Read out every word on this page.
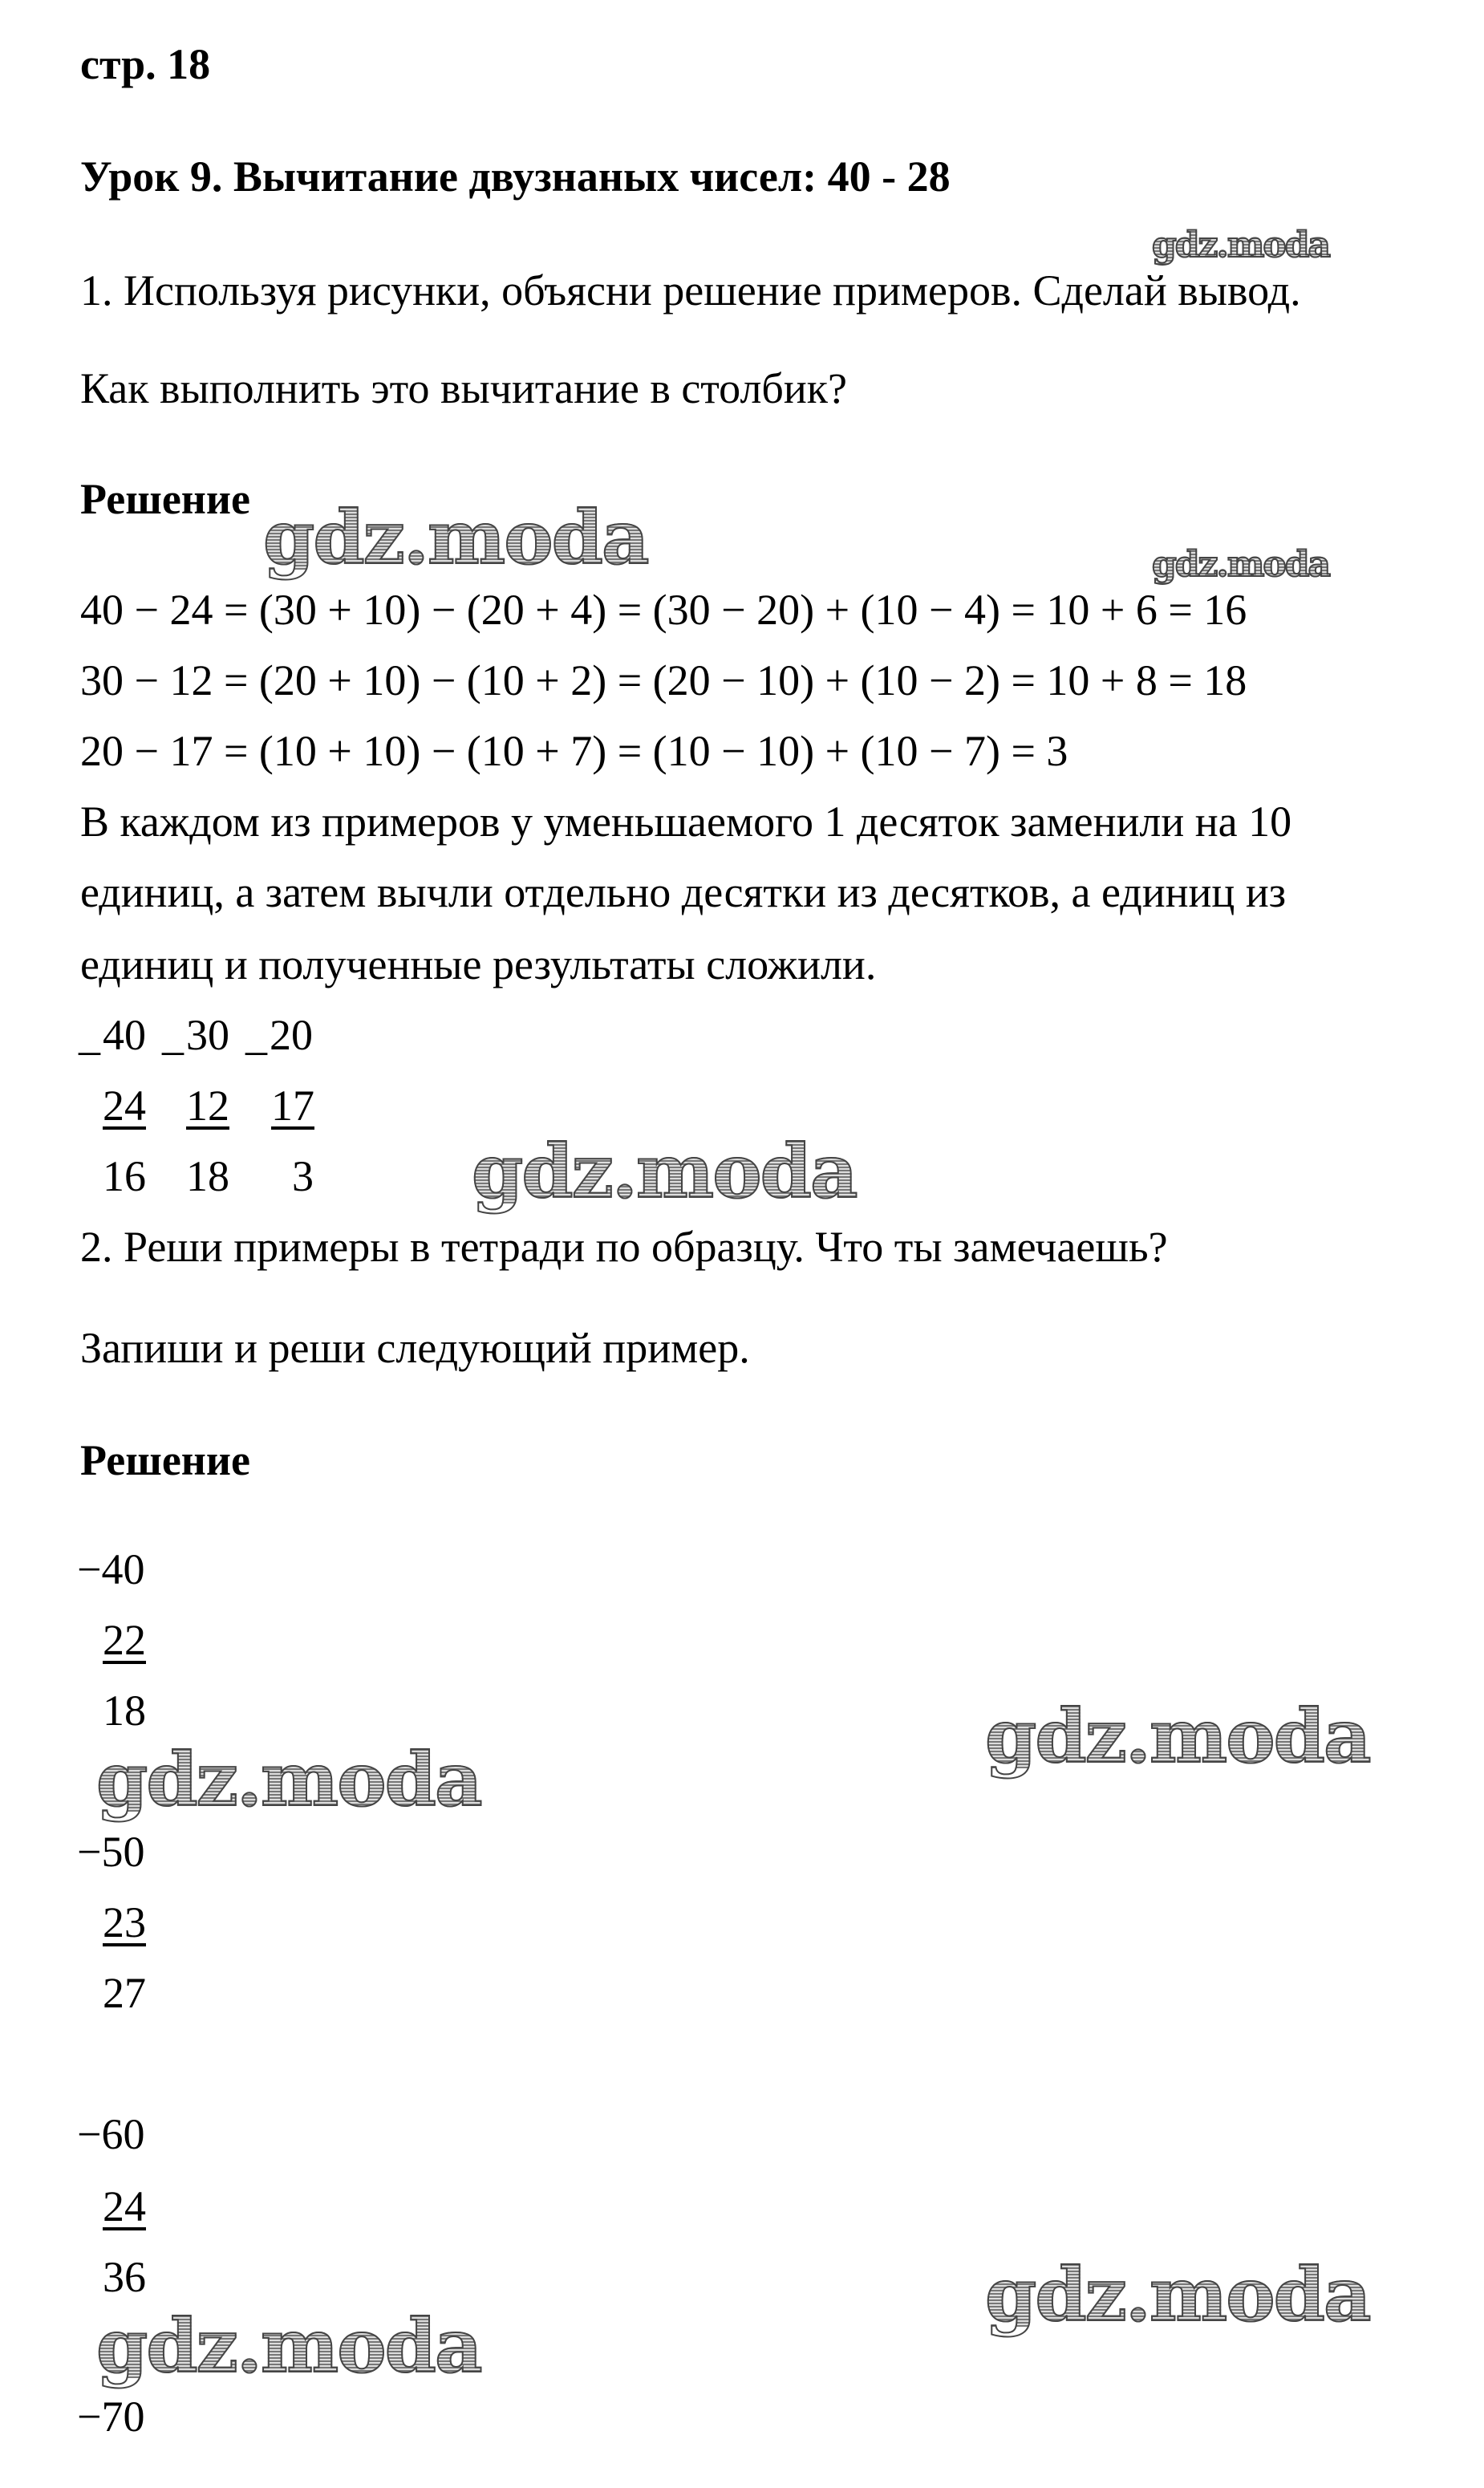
стр. 18
Урок 9. Вычитание двузнаных чисел: 40 - 28
1. Используя рисунки, объясни решение примеров. Сделай вывод.
Как выполнить это вычитание в столбик?
Решение
40 − 24 = (30 + 10) − (20 + 4) = (30 − 20) + (10 − 4) = 10 + 6 = 16
30 − 12 = (20 + 10) − (10 + 2) = (20 − 10) + (10 − 2) = 10 + 8 = 18
20 − 17 = (10 + 10) − (10 + 7) = (10 − 10) + (10 − 7) = 3
В каждом из примеров у уменьшаемого 1 десяток заменили на 10
единиц, а затем вычли отдельно десятки из десятков, а единиц из
единиц и полученные результаты сложили.
_ 40 _ 30 _ 20
24 12 17
16 18 3
2. Реши примеры в тетради по образцу. Что ты замечаешь?
Запиши и реши следующий пример.
Решение
−40
22
18
−50
23
27
−60
24
36
−70
gdz.moda
gdz.moda
gdz.moda
gdz.moda
gdz.moda	gdz.moda
gdz.moda
gdz.moda
